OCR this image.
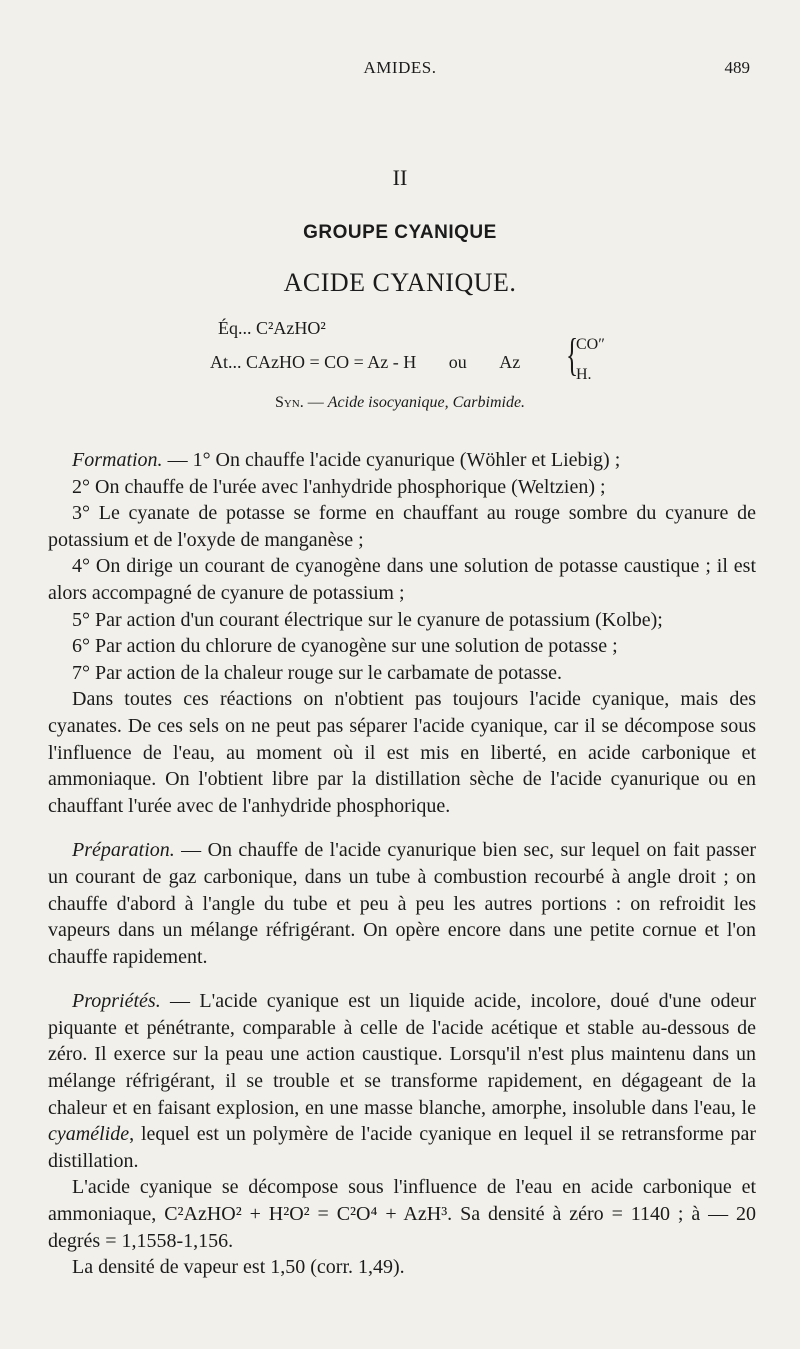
AMIDES.	489
II
GROUPE CYANIQUE
ACIDE CYANIQUE.
Éq... C²AzHO²
At... CAzHO = CO = Az - H ou Az {
CO″
H.
Syn. — Acide isocyanique, Carbimide.

Formation. — 1° On chauffe l'acide cyanurique (Wöhler et Liebig) ;

2° On chauffe de l'urée avec l'anhydride phosphorique (Weltzien) ;

3° Le cyanate de potasse se forme en chauffant au rouge sombre du cyanure de potassium et de l'oxyde de manganèse ;

4° On dirige un courant de cyanogène dans une solution de potasse caustique ; il est alors accompagné de cyanure de potassium ;

5° Par action d'un courant électrique sur le cyanure de potassium (Kolbe);

6° Par action du chlorure de cyanogène sur une solution de potasse ;

7° Par action de la chaleur rouge sur le carbamate de potasse.

Dans toutes ces réactions on n'obtient pas toujours l'acide cyanique, mais des cyanates. De ces sels on ne peut pas séparer l'acide cyanique, car il se décompose sous l'influence de l'eau, au moment où il est mis en liberté, en acide carbonique et ammoniaque. On l'obtient libre par la distillation sèche de l'acide cyanurique ou en chauffant l'urée avec de l'anhydride phosphorique.

Préparation. — On chauffe de l'acide cyanurique bien sec, sur lequel on fait passer un courant de gaz carbonique, dans un tube à combustion recourbé à angle droit ; on chauffe d'abord à l'angle du tube et peu à peu les autres portions : on refroidit les vapeurs dans un mélange réfrigérant. On opère encore dans une petite cornue et l'on chauffe rapidement.

Propriétés. — L'acide cyanique est un liquide acide, incolore, doué d'une odeur piquante et pénétrante, comparable à celle de l'acide acétique et stable au-dessous de zéro. Il exerce sur la peau une action caustique. Lorsqu'il n'est plus maintenu dans un mélange réfrigérant, il se trouble et se transforme rapidement, en dégageant de la chaleur et en faisant explosion, en une masse blanche, amorphe, insoluble dans l'eau, le cyamélide, lequel est un polymère de l'acide cyanique en lequel il se retransforme par distillation.

L'acide cyanique se décompose sous l'influence de l'eau en acide carbonique et ammoniaque, C²AzHO² + H²O² = C²O⁴ + AzH³. Sa densité à zéro = 1140 ; à — 20 degrés = 1,1558-1,156.

La densité de vapeur est 1,50 (corr. 1,49).
